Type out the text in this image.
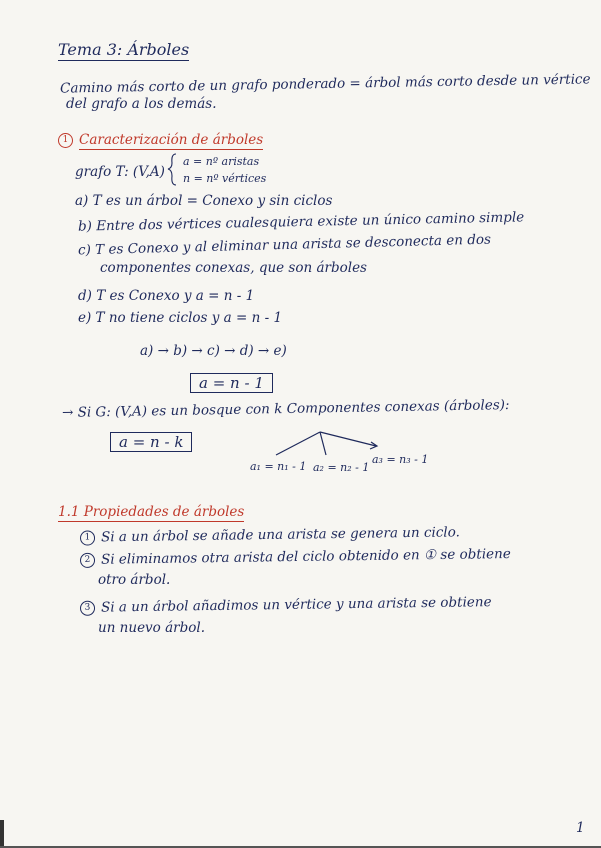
Tema 3: Árboles
Camino más corto de un grafo ponderado = árbol más corto desde un vértice
del grafo a los demás.
1 Caracterización de árboles
grafo T: (V,A)
a = nº aristas
n = nº vértices
a) T es un árbol = Conexo y sin ciclos
b) Entre dos vértices cualesquiera existe un único camino simple
c) T es Conexo y al eliminar una arista se desconecta en dos
componentes conexas, que son árboles
d) T es Conexo y a = n - 1
e) T no tiene ciclos y a = n - 1
a) → b) → c) → d) → e)
a = n - 1
→ Si G: (V,A) es un bosque con k Componentes conexas (árboles):
a = n - k
a₁ = n₁ - 1 a₂ = n₂ - 1
a₃ = n₃ - 1
1.1 Propiedades de árboles
1 Si a un árbol se añade una arista se genera un ciclo.
2 Si eliminamos otra arista del ciclo obtenido en ① se obtiene
otro árbol.
3 Si a un árbol añadimos un vértice y una arista se obtiene
un nuevo árbol.
1
